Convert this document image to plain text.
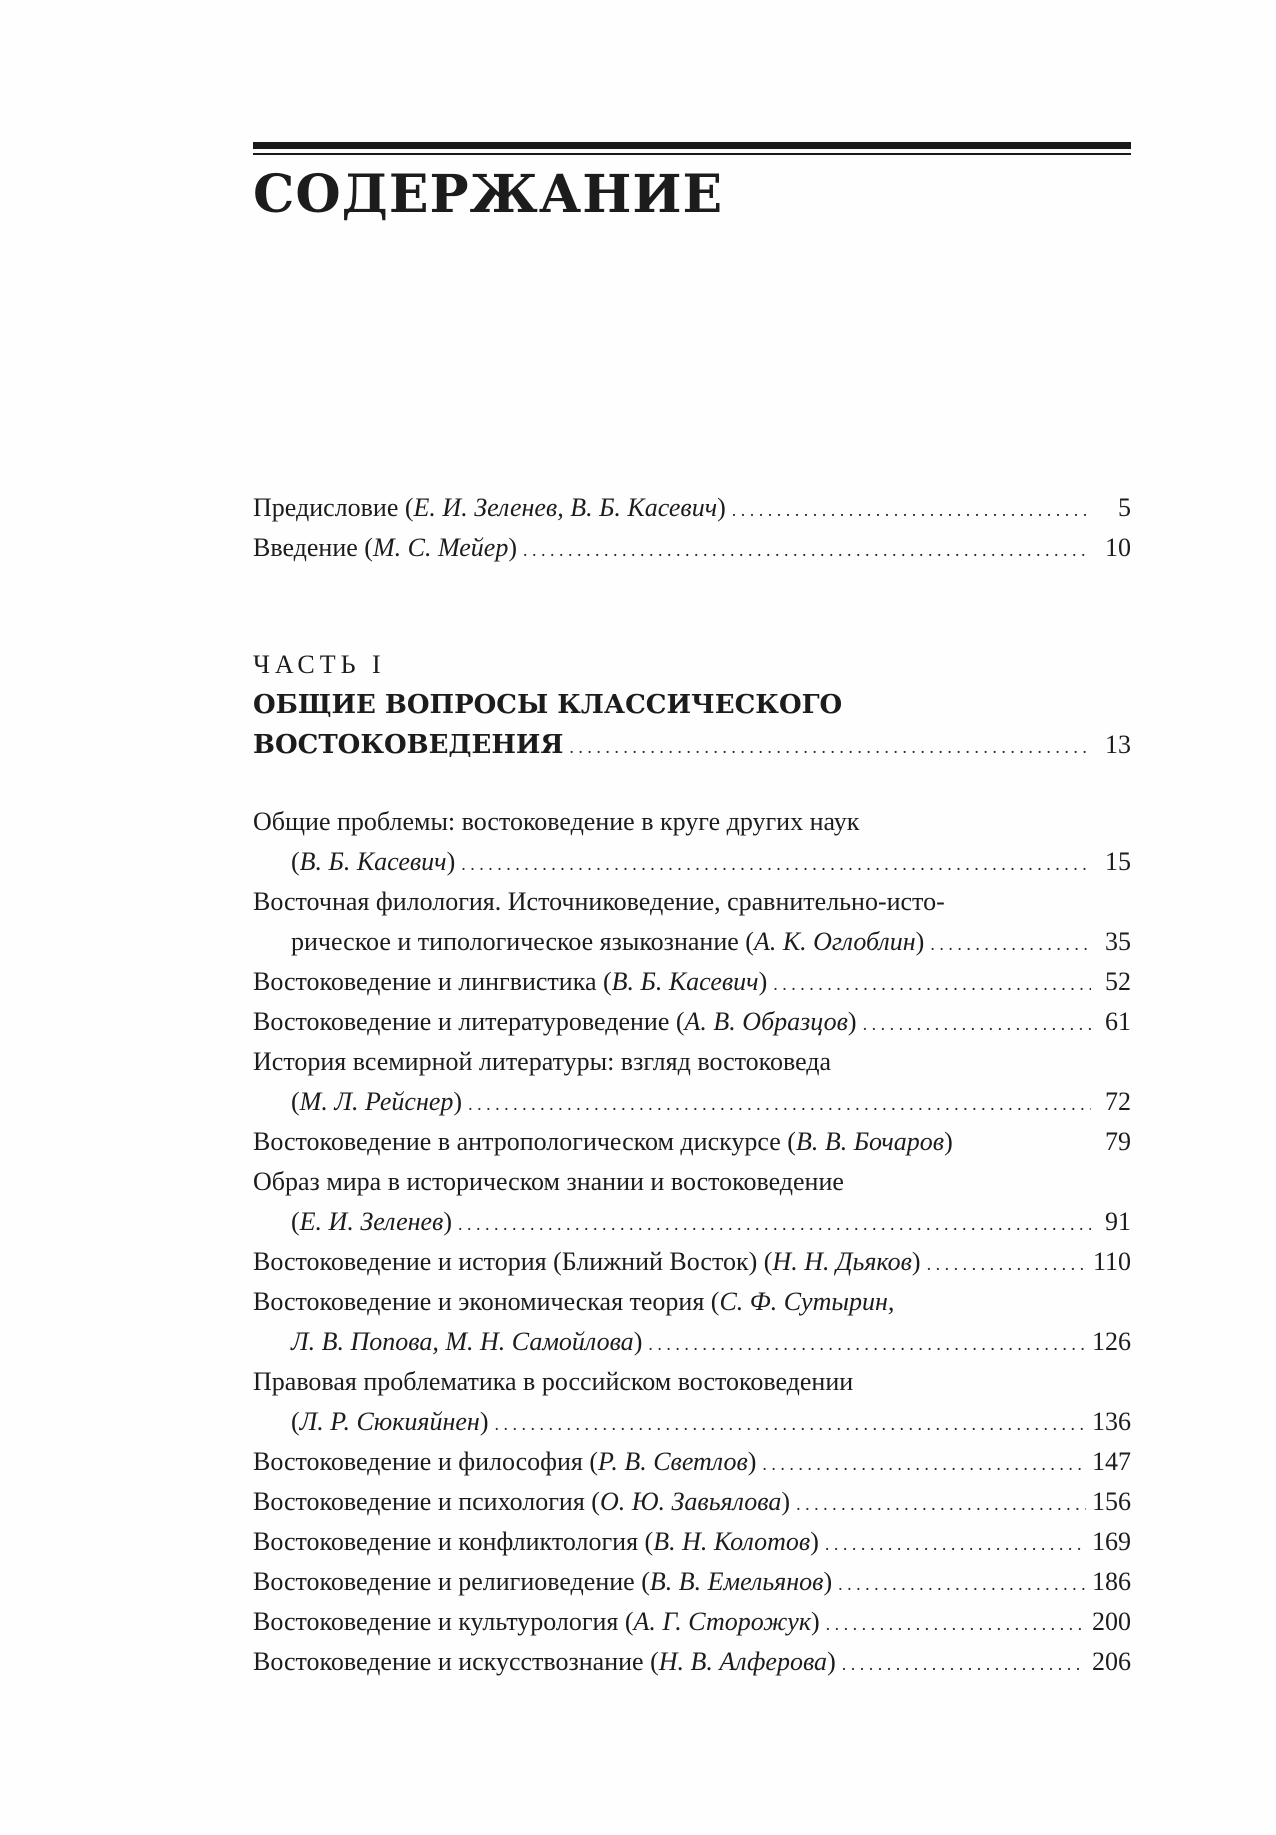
СОДЕРЖАНИЕ
Предисловие (Е. И. Зеленев, В. Б. Касевич) . . .	5
Введение (М. С. Мейер) . . .	10
ЧАСТЬ I
ОБЩИЕ ВОПРОСЫ КЛАССИЧЕСКОГО
ВОСТОКОВЕДЕНИЯ . . .	13
Общие проблемы: востоковедение в круге других наук
(В. Б. Касевич) . . .	15
Восточная филология. Источниковедение, сравнительно-исто-
рическое и типологическое языкознание (А. К. Оглоблин) . . .	35
Востоковедение и лингвистика (В. Б. Касевич) . . .	52
Востоковедение и литературоведение (А. В. Образцов) . . .	61
История всемирной литературы: взгляд востоковеда
(М. Л. Рейснер) . . .	72
Востоковедение в антропологическом дискурсе (В. В. Бочаров)	79
Образ мира в историческом знании и востоковедение
(Е. И. Зеленев) . . .	91
Востоковедение и история (Ближний Восток) (Н. Н. Дьяков) . . .	110
Востоковедение и экономическая теория (С. Ф. Сутырин,
Л. В. Попова, М. Н. Самойлова) . . .	126
Правовая проблематика в российском востоковедении
(Л. Р. Сюкияйнен) . . .	136
Востоковедение и философия (Р. В. Светлов) . . .	147
Востоковедение и психология (О. Ю. Завьялова) . . .	156
Востоковедение и конфликтология (В. Н. Колотов) . . .	169
Востоковедение и религиоведение (В. В. Емельянов) . . .	186
Востоковедение и культурология (А. Г. Сторожук) . . .	200
Востоковедение и искусствознание (Н. В. Алферова) . . .	206
